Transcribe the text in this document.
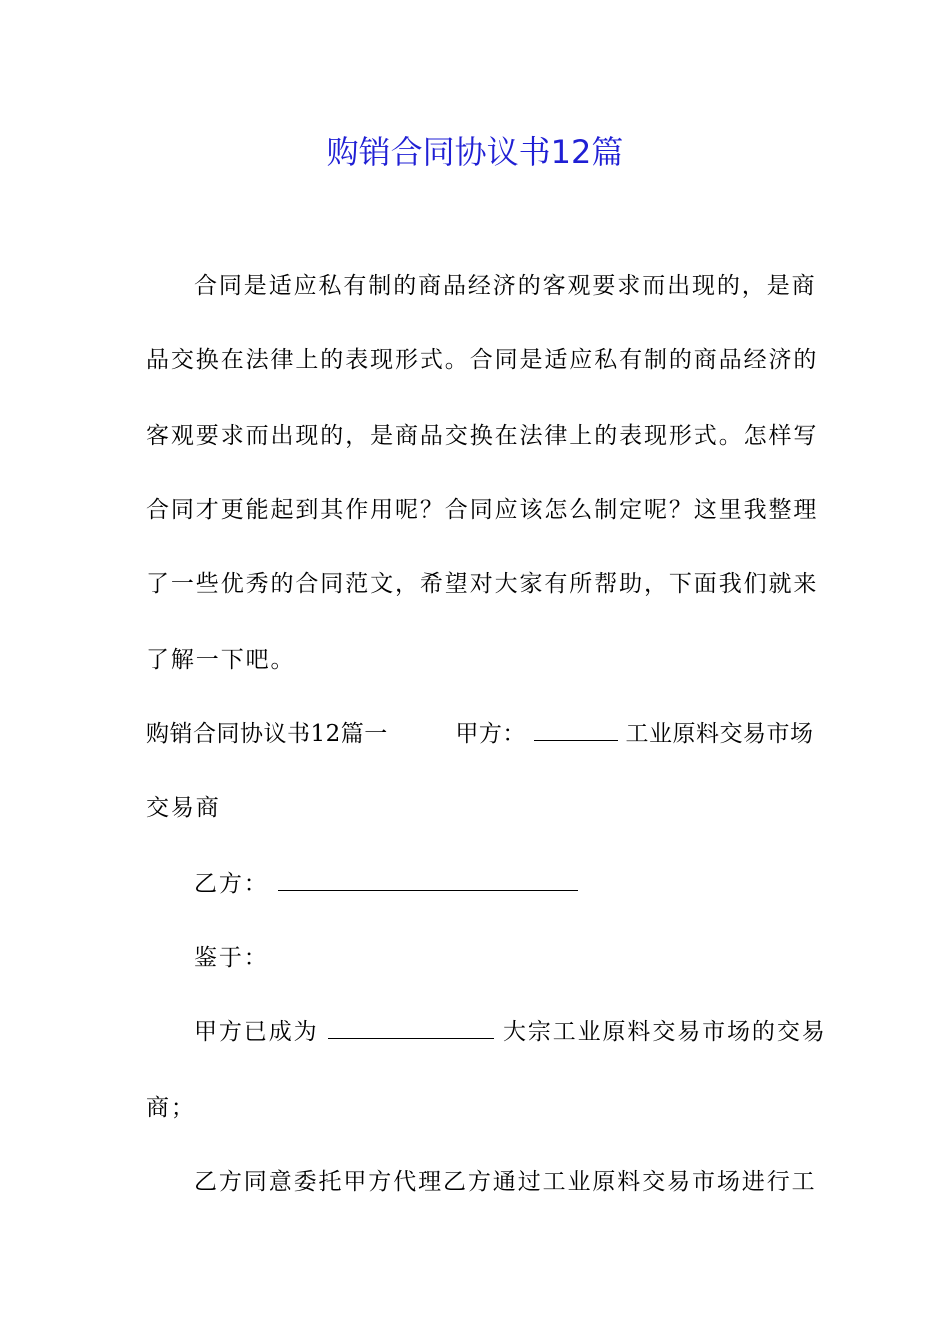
购销合同协议书12篇
合同是适应私有制的商品经济的客观要求而出现的，是商
品交换在法律上的表现形式。合同是适应私有制的商品经济的
客观要求而出现的，是商品交换在法律上的表现形式。怎样写
合同才更能起到其作用呢？合同应该怎么制定呢？这里我整理
了一些优秀的合同范文，希望对大家有所帮助，下面我们就来
了解一下吧。
购销合同协议书12篇一	甲方：	工业原料交易市场
交易商
乙方：
鉴于：
甲方已成为	大宗工业原料交易市场的交易
商；
乙方同意委托甲方代理乙方通过工业原料交易市场进行工
